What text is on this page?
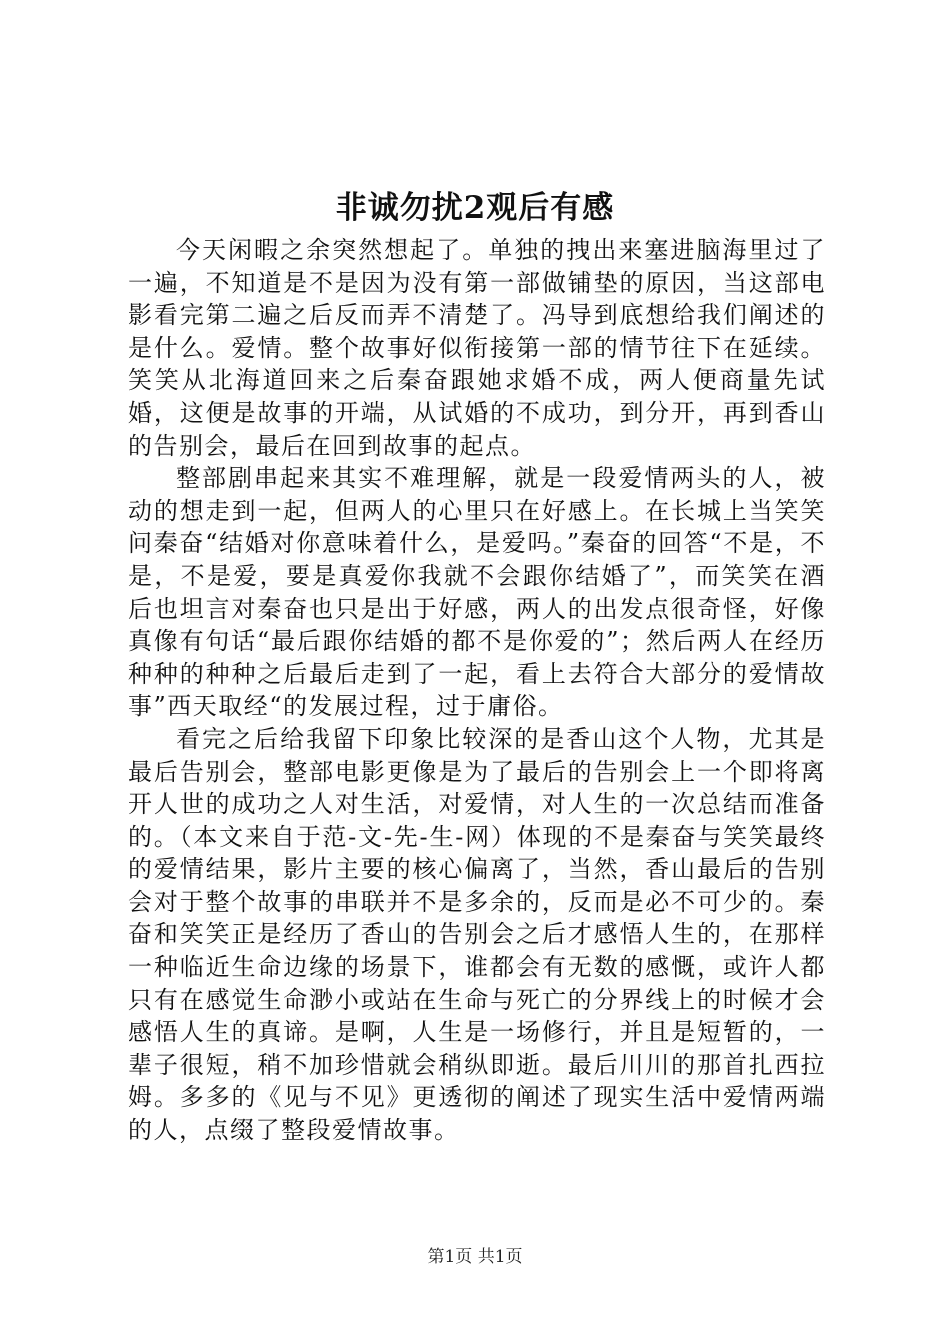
非诚勿扰2观后有感

今天闲暇之余突然想起了。单独的拽出来塞进脑海里过了一遍，不知道是不是因为没有第一部做铺垫的原因，当这部电影看完第二遍之后反而弄不清楚了。冯导到底想给我们阐述的是什么。爱情。整个故事好似衔接第一部的情节往下在延续。笑笑从北海道回来之后秦奋跟她求婚不成，两人便商量先试婚，这便是故事的开端，从试婚的不成功，到分开，再到香山的告别会，最后在回到故事的起点。

整部剧串起来其实不难理解，就是一段爱情两头的人，被动的想走到一起，但两人的心里只在好感上。在长城上当笑笑问秦奋“结婚对你意味着什么，是爱吗。”秦奋的回答“不是，不是，不是爱，要是真爱你我就不会跟你结婚了”，而笑笑在酒后也坦言对秦奋也只是出于好感，两人的出发点很奇怪，好像真像有句话“最后跟你结婚的都不是你爱的”；然后两人在经历种种的种种之后最后走到了一起，看上去符合大部分的爱情故事”西天取经“的发展过程，过于庸俗。

看完之后给我留下印象比较深的是香山这个人物，尤其是最后告别会，整部电影更像是为了最后的告别会上一个即将离开人世的成功之人对生活，对爱情，对人生的一次总结而准备的。（本文来自于范-文-先-生-网）体现的不是秦奋与笑笑最终的爱情结果，影片主要的核心偏离了，当然，香山最后的告别会对于整个故事的串联并不是多余的，反而是必不可少的。秦奋和笑笑正是经历了香山的告别会之后才感悟人生的，在那样一种临近生命边缘的场景下，谁都会有无数的感慨，或许人都只有在感觉生命渺小或站在生命与死亡的分界线上的时候才会感悟人生的真谛。是啊，人生是一场修行，并且是短暂的，一辈子很短，稍不加珍惜就会稍纵即逝。最后川川的那首扎西拉姆。多多的《见与不见》更透彻的阐述了现实生活中爱情两端的人，点缀了整段爱情故事。

第1页 共1页
